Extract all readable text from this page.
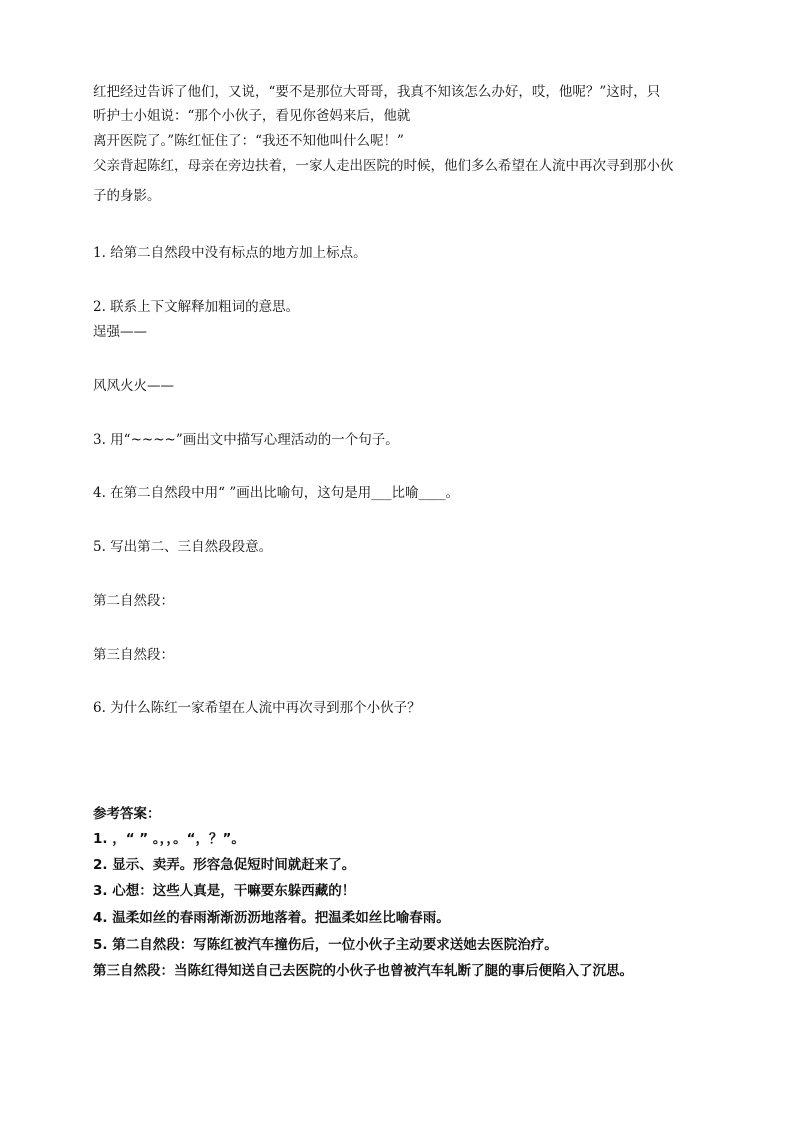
红把经过告诉了他们，又说，“要不是那位大哥哥，我真不知该怎么办好，哎，他呢？”这时，只
听护士小姐说：“那个小伙子，看见你爸妈来后，他就
离开医院了。”陈红怔住了：“我还不知他叫什么呢！”
父亲背起陈红，母亲在旁边扶着，一家人走出医院的时候，他们多么希望在人流中再次寻到那小伙
子的身影。
1. 给第二自然段中没有标点的地方加上标点。
2. 联系上下文解释加粗词的意思。
逞强——
风风火火——
3. 用“~~~~”画出文中描写心理活动的一个句子。
4. 在第二自然段中用“ ”画出比喻句，这句是用___比喻____。
5. 写出第二、三自然段段意。
第二自然段：
第三自然段：
6. 为什么陈红一家希望在人流中再次寻到那个小伙子？
参考答案：
1. ，“ ” 。，，。“，？”。
2. 显示、卖弄。形容急促短时间就赶来了。
3. 心想：这些人真是，干嘛要东躲西藏的！
4. 温柔如丝的春雨渐渐沥沥地落着。把温柔如丝比喻春雨。
5. 第二自然段：写陈红被汽车撞伤后，一位小伙子主动要求送她去医院治疗。
第三自然段：当陈红得知送自己去医院的小伙子也曾被汽车轧断了腿的事后便陷入了沉思。
